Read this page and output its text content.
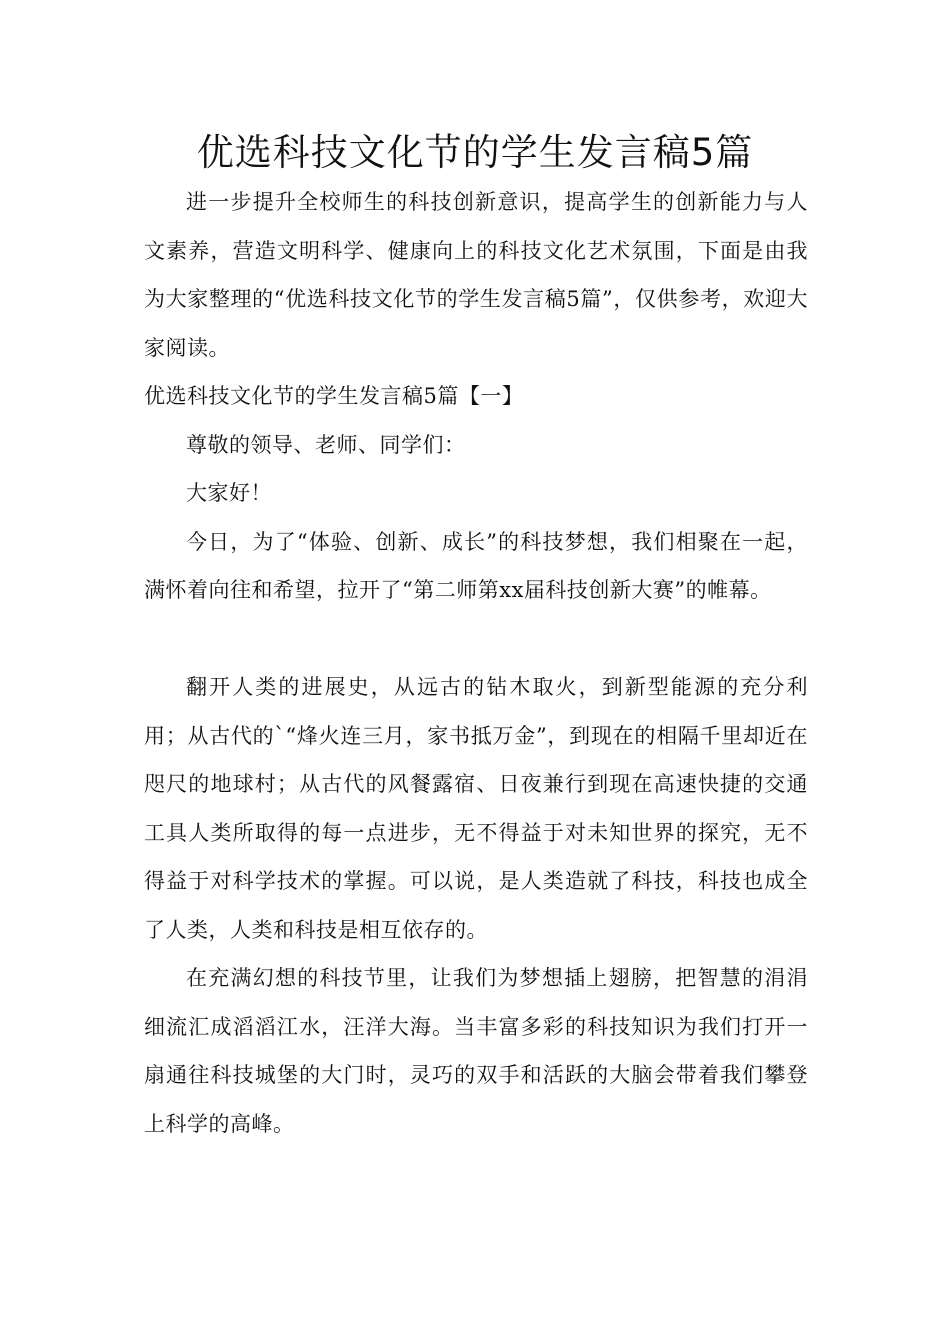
优选科技文化节的学生发言稿5篇

进一步提升全校师生的科技创新意识，提高学生的创新能力与人文素养，营造文明科学、健康向上的科技文化艺术氛围，下面是由我为大家整理的“优选科技文化节的学生发言稿5篇”，仅供参考，欢迎大家阅读。

优选科技文化节的学生发言稿5篇【一】

尊敬的领导、老师、同学们：

大家好！

今日，为了“体验、创新、成长”的科技梦想，我们相聚在一起，满怀着向往和希望，拉开了“第二师第xx届科技创新大赛”的帷幕。

翻开人类的进展史，从远古的钻木取火，到新型能源的充分利用；从古代的`“烽火连三月，家书抵万金”，到现在的相隔千里却近在咫尺的地球村；从古代的风餐露宿、日夜兼行到现在高速快捷的交通工具人类所取得的每一点进步，无不得益于对未知世界的探究，无不得益于对科学技术的掌握。可以说，是人类造就了科技，科技也成全了人类，人类和科技是相互依存的。

在充满幻想的科技节里，让我们为梦想插上翅膀，把智慧的涓涓细流汇成滔滔江水，汪洋大海。当丰富多彩的科技知识为我们打开一扇通往科技城堡的大门时，灵巧的双手和活跃的大脑会带着我们攀登上科学的高峰。
